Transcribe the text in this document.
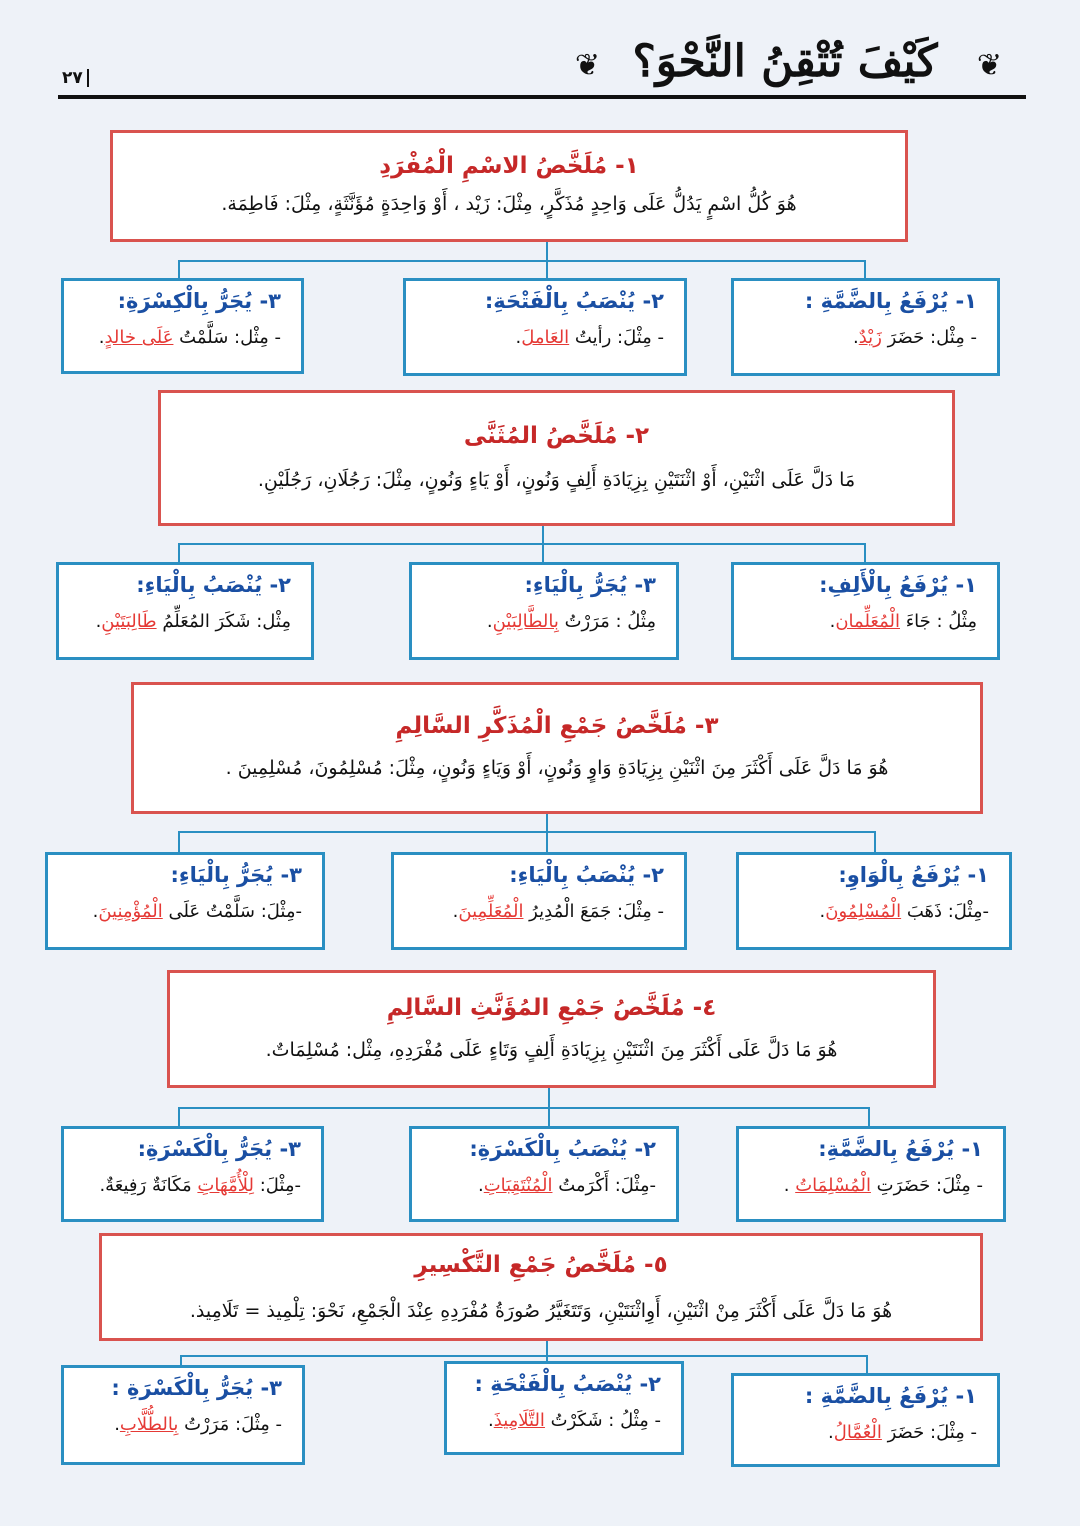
❦
كَيْفَ تُتْقِنُ النَّحْوَ؟
❦
٢٧
١- مُلَخَّصُ الاسْمِ الْمُفْرَدِ
هُوَ كُلُّ اسْمٍ يَدُلُّ عَلَى وَاحِدٍ مُذَكَّرٍ، مِثْلَ: زَيْد ، أَوْ وَاحِدَةٍ مُؤَنَّثَةٍ، مِثْلَ: فَاطِمَة.
١- يُرْفَعُ بِالضَّمَّةِ :
- مِثْل: حَضَرَ زَيْدٌ.
٢- يُنْصَبُ بِالْفَتْحَةِ:
- مِثْلَ: رأيتُ العَاملَ.
٣- يُجَرُّ بِالْكِسْرَةِ:
- مِثْل: سَلَّمْتُ عَلَى خالدٍ.
٢- مُلَخَّصُ المُثَنَّى
مَا دَلَّ عَلَى اثْنَيْنِ، أَوْ اثْنَتَيْنِ بِزِيَادَةِ أَلِفٍ وَنُونٍ، أَوْ يَاءٍ وَنُونٍ، مِثْلَ: رَجُلَانِ، رَجُلَيْنِ.
١- يُرْفَعُ بِالْأَلِفِ:
مِثْلُ : جَاءَ الْمُعَلِّمان.
٣- يُجَرُّ بِالْيَاءِ:
مِثْلُ : مَرَرْتُ بِالطَّالِبَيْنِ.
٢- يُنْصَبُ بِالْيَاءِ:
مِثْل: شَكَرَ المُعَلِّمُ طَالِبَتَيْنِ.
٣- مُلَخَّصُ جَمْعِ الْمُذَكَّرِ السَّالِمِ
هُوَ مَا دَلَّ عَلَى أَكْثَرَ مِنَ اثْنَيْنِ بِزِيَادَةِ وَاوٍ وَنُونٍ، أَوْ وَيَاءٍ وَنُونٍ، مِثْلَ: مُسْلِمُونَ، مُسْلِمِينَ .
١- يُرْفَعُ بِالْوَاوِ:
-مِثْلَ: ذَهَبَ الْمُسْلِمُونَ.
٢- يُنْصَبُ بِالْيَاءِ:
- مِثْلَ: جَمَعَ الْمُدِيرُ الْمُعَلِّمِينَ.
٣- يُجَرُّ بِالْيَاءِ:
-مِثْلَ: سَلَّمْتُ عَلَى الْمُؤْمِنِينَ.
٤- مُلَخَّصُ جَمْعِ المُؤَنَّثِ السَّالِمِ
هُوَ مَا دَلَّ عَلَى أَكْثَرَ مِنَ اثْنَتَيْنِ بِزِيَادَةِ أَلِفٍ وَتَاءٍ عَلَى مُفْرَدِهِ، مِثْل: مُسْلِمَاتٌ.
١- يُرْفَعُ بِالضَّمَّةِ:
- مِثْلَ: حَضَرَتِ الْمُسْلِمَاتُ .
٢- يُنْصَبُ بِالْكَسْرَةِ:
-مِثْلَ: أَكْرَمتُ الْمُنْتَقِبَاتِ.
٣- يُجَرُّ بِالْكَسْرَةِ:
-مِثْلَ: لِلْأُمَّهَاتِ مَكَانَةٌ رَفِيعَةٌ.
٥- مُلَخَّصُ جَمْعِ التَّكْسِيرِ
هُوَ مَا دَلَّ عَلَى أَكْثَرَ مِنْ اثْنَيْنِ، أَوِاثْنَتَيْنِ، وَتَتَغَيَّرُ صُورَةُ مُفْرَدِهِ عِنْدَ الْجَمْعِ، نَحْوَ: تِلْمِيذ = تَلَامِيذ.
١- يُرْفَعُ بِالضَّمَّةِ :
- مِثْلَ: حَضَرَ الْعُمَّالُ.
٢- يُنْصَبُ بِالْفَتْحَةِ :
- مِثْلُ : شَكَرْتُ التَّلَامِيذَ.
٣- يُجَرُّ بِالْكَسْرَةِ :
- مِثْلَ: مَرَرْتُ بِالطُّلَّابِ.
